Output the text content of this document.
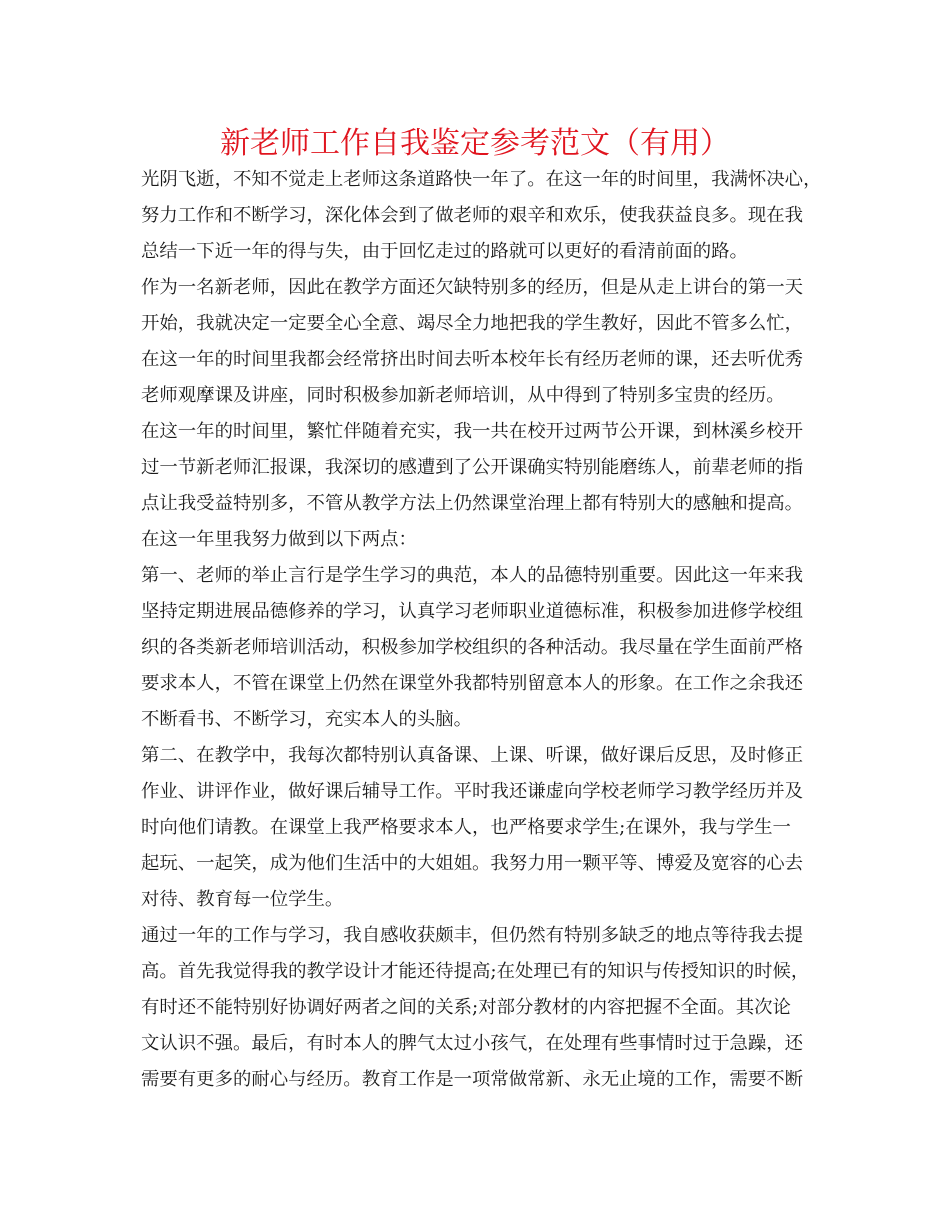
新老师工作自我鉴定参考范文（有用）
光阴飞逝，不知不觉走上老师这条道路快一年了。在这一年的时间里，我满怀决心，
努力工作和不断学习，深化体会到了做老师的艰辛和欢乐，使我获益良多。现在我
总结一下近一年的得与失，由于回忆走过的路就可以更好的看清前面的路。
作为一名新老师，因此在教学方面还欠缺特别多的经历，但是从走上讲台的第一天
开始，我就决定一定要全心全意、竭尽全力地把我的学生教好，因此不管多么忙，
在这一年的时间里我都会经常挤出时间去听本校年长有经历老师的课，还去听优秀
老师观摩课及讲座，同时积极参加新老师培训，从中得到了特别多宝贵的经历。
在这一年的时间里，繁忙伴随着充实，我一共在校开过两节公开课，到林溪乡校开
过一节新老师汇报课，我深切的感遭到了公开课确实特别能磨练人，前辈老师的指
点让我受益特别多，不管从教学方法上仍然课堂治理上都有特别大的感触和提高。
在这一年里我努力做到以下两点：
第一、老师的举止言行是学生学习的典范，本人的品德特别重要。因此这一年来我
坚持定期进展品德修养的学习，认真学习老师职业道德标准，积极参加进修学校组
织的各类新老师培训活动，积极参加学校组织的各种活动。我尽量在学生面前严格
要求本人，不管在课堂上仍然在课堂外我都特别留意本人的形象。在工作之余我还
不断看书、不断学习，充实本人的头脑。
第二、在教学中，我每次都特别认真备课、上课、听课，做好课后反思，及时修正
作业、讲评作业，做好课后辅导工作。平时我还谦虚向学校老师学习教学经历并及
时向他们请教。在课堂上我严格要求本人，也严格要求学生;在课外，我与学生一
起玩、一起笑，成为他们生活中的大姐姐。我努力用一颗平等、博爱及宽容的心去
对待、教育每一位学生。
通过一年的工作与学习，我自感收获颇丰，但仍然有特别多缺乏的地点等待我去提
高。首先我觉得我的教学设计才能还待提高;在处理已有的知识与传授知识的时候，
有时还不能特别好协调好两者之间的关系;对部分教材的内容把握不全面。其次论
文认识不强。最后，有时本人的脾气太过小孩气，在处理有些事情时过于急躁，还
需要有更多的耐心与经历。教育工作是一项常做常新、永无止境的工作，需要不断
